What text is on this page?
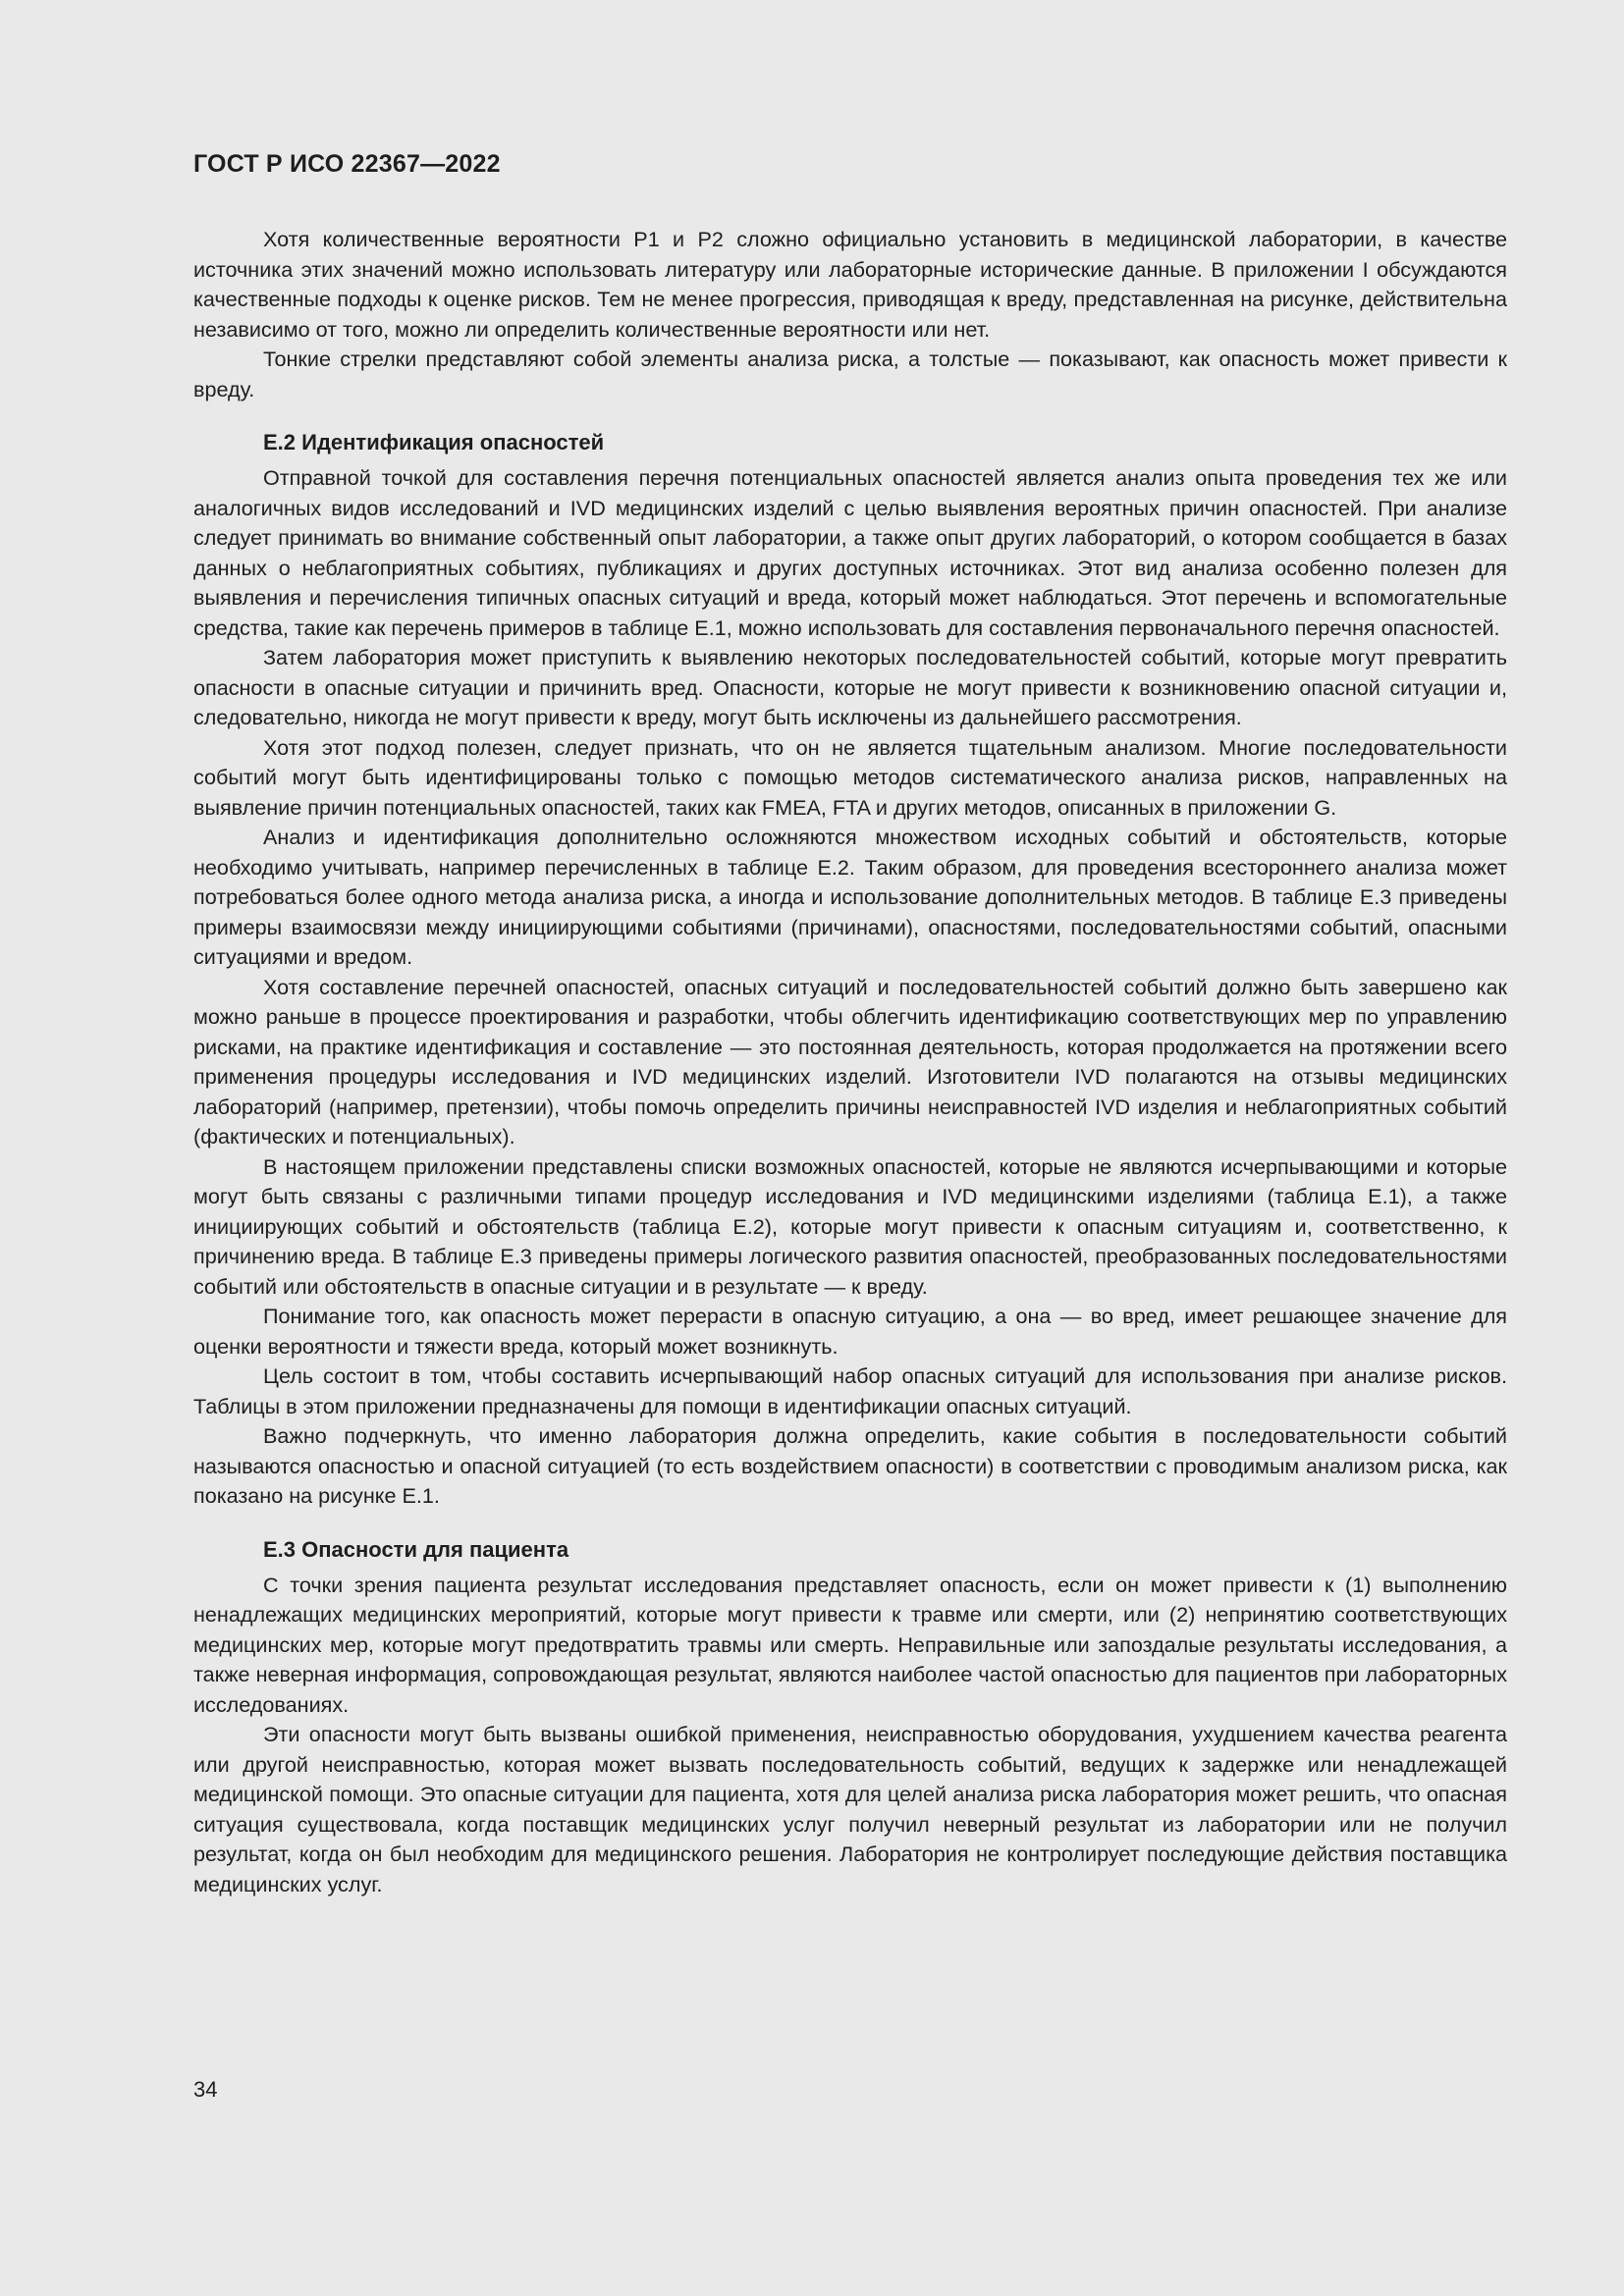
ГОСТ Р ИСО 22367—2022

Хотя количественные вероятности P1 и P2 сложно официально установить в медицинской лаборатории, в качестве источника этих значений можно использовать литературу или лабораторные исторические данные. В приложении I обсуждаются качественные подходы к оценке рисков. Тем не менее прогрессия, приводящая к вреду, представленная на рисунке, действительна независимо от того, можно ли определить количественные вероятности или нет.

Тонкие стрелки представляют собой элементы анализа риска, а толстые — показывают, как опасность может привести к вреду.

E.2 Идентификация опасностей

Отправной точкой для составления перечня потенциальных опасностей является анализ опыта проведения тех же или аналогичных видов исследований и IVD медицинских изделий с целью выявления вероятных причин опасностей. При анализе следует принимать во внимание собственный опыт лаборатории, а также опыт других лабораторий, о котором сообщается в базах данных о неблагоприятных событиях, публикациях и других доступных источниках. Этот вид анализа особенно полезен для выявления и перечисления типичных опасных ситуаций и вреда, который может наблюдаться. Этот перечень и вспомогательные средства, такие как перечень примеров в таблице E.1, можно использовать для составления первоначального перечня опасностей.

Затем лаборатория может приступить к выявлению некоторых последовательностей событий, которые могут превратить опасности в опасные ситуации и причинить вред. Опасности, которые не могут привести к возникновению опасной ситуации и, следовательно, никогда не могут привести к вреду, могут быть исключены из дальнейшего рассмотрения.

Хотя этот подход полезен, следует признать, что он не является тщательным анализом. Многие последовательности событий могут быть идентифицированы только с помощью методов систематического анализа рисков, направленных на выявление причин потенциальных опасностей, таких как FMEA, FTA и других методов, описанных в приложении G.

Анализ и идентификация дополнительно осложняются множеством исходных событий и обстоятельств, которые необходимо учитывать, например перечисленных в таблице E.2. Таким образом, для проведения всестороннего анализа может потребоваться более одного метода анализа риска, а иногда и использование дополнительных методов. В таблице E.3 приведены примеры взаимосвязи между инициирующими событиями (причинами), опасностями, последовательностями событий, опасными ситуациями и вредом.

Хотя составление перечней опасностей, опасных ситуаций и последовательностей событий должно быть завершено как можно раньше в процессе проектирования и разработки, чтобы облегчить идентификацию соответствующих мер по управлению рисками, на практике идентификация и составление — это постоянная деятельность, которая продолжается на протяжении всего применения процедуры исследования и IVD медицинских изделий. Изготовители IVD полагаются на отзывы медицинских лабораторий (например, претензии), чтобы помочь определить причины неисправностей IVD изделия и неблагоприятных событий (фактических и потенциальных).

В настоящем приложении представлены списки возможных опасностей, которые не являются исчерпывающими и которые могут быть связаны с различными типами процедур исследования и IVD медицинскими изделиями (таблица E.1), а также инициирующих событий и обстоятельств (таблица E.2), которые могут привести к опасным ситуациям и, соответственно, к причинению вреда. В таблице E.3 приведены примеры логического развития опасностей, преобразованных последовательностями событий или обстоятельств в опасные ситуации и в результате — к вреду.

Понимание того, как опасность может перерасти в опасную ситуацию, а она — во вред, имеет решающее значение для оценки вероятности и тяжести вреда, который может возникнуть.

Цель состоит в том, чтобы составить исчерпывающий набор опасных ситуаций для использования при анализе рисков. Таблицы в этом приложении предназначены для помощи в идентификации опасных ситуаций.

Важно подчеркнуть, что именно лаборатория должна определить, какие события в последовательности событий называются опасностью и опасной ситуацией (то есть воздействием опасности) в соответствии с проводимым анализом риска, как показано на рисунке E.1.

E.3 Опасности для пациента

С точки зрения пациента результат исследования представляет опасность, если он может привести к (1) выполнению ненадлежащих медицинских мероприятий, которые могут привести к травме или смерти, или (2) непринятию соответствующих медицинских мер, которые могут предотвратить травмы или смерть. Неправильные или запоздалые результаты исследования, а также неверная информация, сопровождающая результат, являются наиболее частой опасностью для пациентов при лабораторных исследованиях.

Эти опасности могут быть вызваны ошибкой применения, неисправностью оборудования, ухудшением качества реагента или другой неисправностью, которая может вызвать последовательность событий, ведущих к задержке или ненадлежащей медицинской помощи. Это опасные ситуации для пациента, хотя для целей анализа риска лаборатория может решить, что опасная ситуация существовала, когда поставщик медицинских услуг получил неверный результат из лаборатории или не получил результат, когда он был необходим для медицинского решения. Лаборатория не контролирует последующие действия поставщика медицинских услуг.

34
